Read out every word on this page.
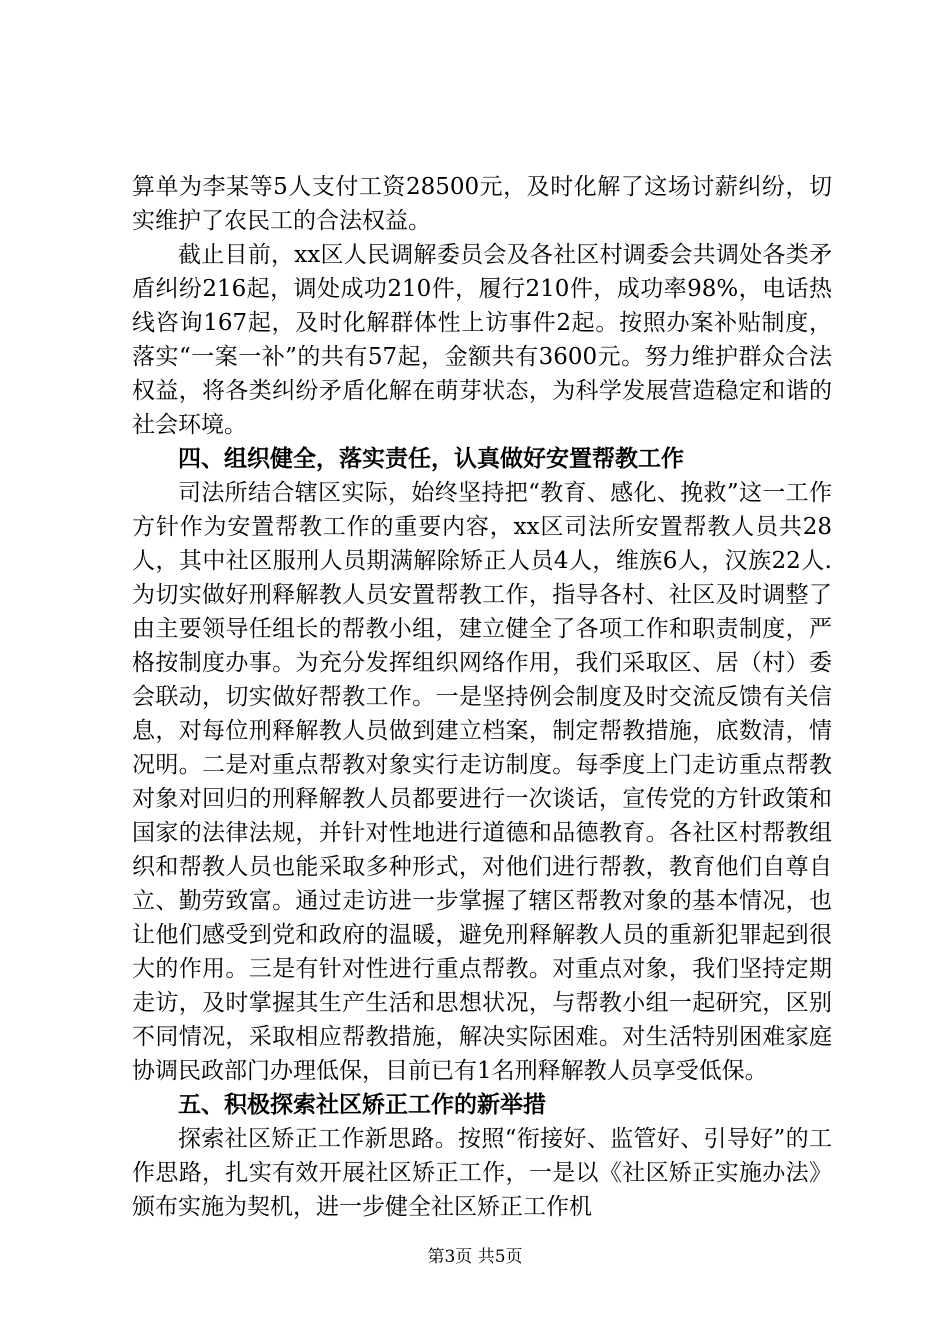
算单为李某等5人支付工资28500元，及时化解了这场讨薪纠纷，切实维护了农民工的合法权益。

截止目前，xx区人民调解委员会及各社区村调委会共调处各类矛盾纠纷216起，调处成功210件，履行210件，成功率98%，电话热线咨询167起，及时化解群体性上访事件2起。按照办案补贴制度，落实“一案一补”的共有57起，金额共有3600元。努力维护群众合法权益，将各类纠纷矛盾化解在萌芽状态，为科学发展营造稳定和谐的社会环境。

四、组织健全，落实责任，认真做好安置帮教工作

司法所结合辖区实际，始终坚持把“教育、感化、挽救”这一工作方针作为安置帮教工作的重要内容，xx区司法所安置帮教人员共28人，其中社区服刑人员期满解除矫正人员4人，维族6人，汉族22人.为切实做好刑释解教人员安置帮教工作，指导各村、社区及时调整了由主要领导任组长的帮教小组，建立健全了各项工作和职责制度，严格按制度办事。为充分发挥组织网络作用，我们采取区、居（村）委会联动，切实做好帮教工作。一是坚持例会制度及时交流反馈有关信息，对每位刑释解教人员做到建立档案，制定帮教措施，底数清，情况明。二是对重点帮教对象实行走访制度。每季度上门走访重点帮教对象对回归的刑释解教人员都要进行一次谈话，宣传党的方针政策和国家的法律法规，并针对性地进行道德和品德教育。各社区村帮教组织和帮教人员也能采取多种形式，对他们进行帮教，教育他们自尊自立、勤劳致富。通过走访进一步掌握了辖区帮教对象的基本情况，也让他们感受到党和政府的温暖，避免刑释解教人员的重新犯罪起到很大的作用。三是有针对性进行重点帮教。对重点对象，我们坚持定期走访，及时掌握其生产生活和思想状况，与帮教小组一起研究，区别不同情况，采取相应帮教措施，解决实际困难。对生活特别困难家庭协调民政部门办理低保，目前已有1名刑释解教人员享受低保。

五、积极探索社区矫正工作的新举措

探索社区矫正工作新思路。按照“衔接好、监管好、引导好”的工作思路，扎实有效开展社区矫正工作，一是以《社区矫正实施办法》颁布实施为契机，进一步健全社区矫正工作机

第3页 共5页
